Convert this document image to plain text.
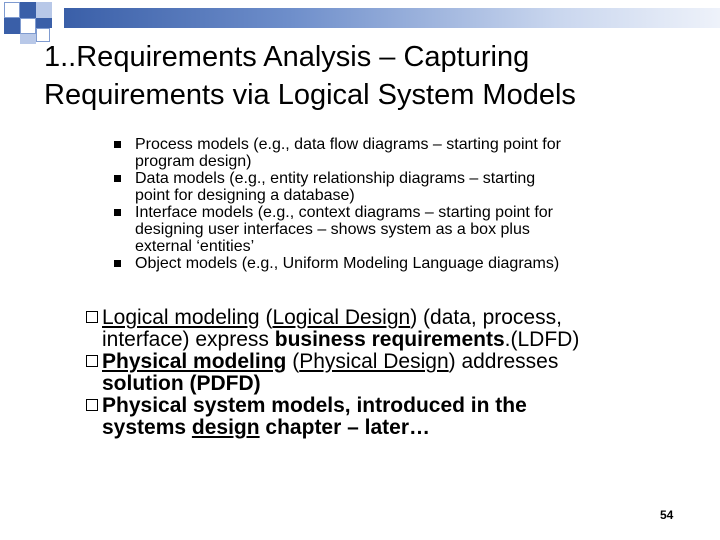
1..Requirements Analysis – Capturing
Requirements via Logical System Models
Process models (e.g., data flow diagrams – starting point for
program design)
Data models (e.g., entity relationship diagrams – starting
point for designing a database)
Interface models (e.g., context diagrams – starting point for
designing user interfaces – shows system as a box plus
external ‘entities’
Object models (e.g., Uniform Modeling Language diagrams)
Logical modeling (Logical Design) (data, process,
interface) express business requirements.(LDFD)
Physical modeling (Physical Design) addresses
solution (PDFD)
Physical system models, introduced in the
systems design chapter – later…
54
